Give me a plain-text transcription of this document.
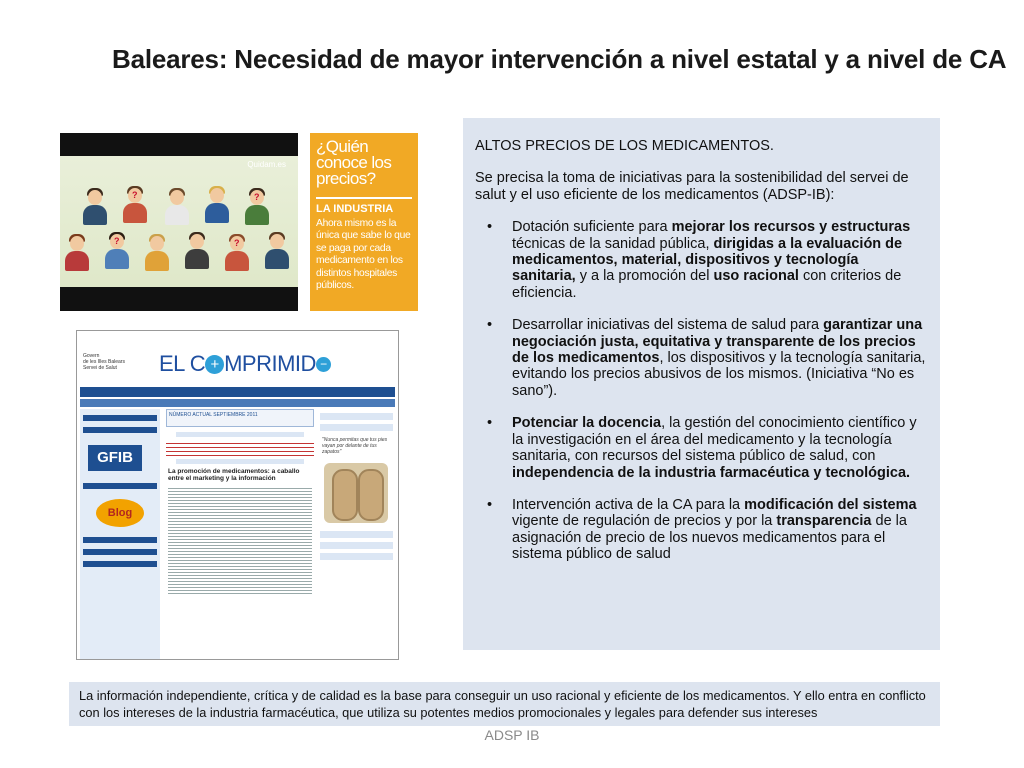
Baleares: Necesidad de mayor intervención a nivel estatal y a nivel de CA
Quidam.es
?	?
?	?
¿Quién conoce los precios?
LA INDUSTRIA
Ahora mismo es la única que sabe lo que se paga por cada medicamento en los distintos hospitales públicos.
Govern
de les Illes Balears
Servei de Salut	EL C + MPRIMID −
GFIB
Blog
NÚMERO ACTUAL SEPTIEMBRE 2011
La promoción de medicamentos: a caballo entre el marketing y la información
"Nunca permitas que tus pies vayan por delante de tus zapatos"

ALTOS PRECIOS DE LOS MEDICAMENTOS.

Se precisa la toma de iniciativas para la sostenibilidad del servei de salut y el uso eficiente de los medicamentos (ADSP-IB):

• Dotación suficiente para mejorar los recursos y estructuras técnicas de la sanidad pública, dirigidas a la evaluación de medicamentos, material, dispositivos y tecnología sanitaria, y a la promoción del uso racional con criterios de eficiencia.
• Desarrollar iniciativas del sistema de salud para garantizar una negociación justa, equitativa y transparente de los precios de los medicamentos, los dispositivos y la tecnología sanitaria, evitando los precios abusivos de los mismos. (Iniciativa “No es sano”).
• Potenciar la docencia, la gestión del conocimiento científico y la investigación en el área del medicamento y la tecnología sanitaria, con recursos del sistema público de salud, con independencia de la industria farmacéutica y tecnológica.
• Intervención activa de la CA para la modificación del sistema vigente de regulación de precios y por la transparencia de la asignación de precio de los nuevos medicamentos para el sistema público de salud
La información independiente, crítica y de calidad es la base para conseguir un uso racional y eficiente de los medicamentos. Y ello entra en conflicto con los intereses de la industria farmacéutica, que utiliza su potentes medios promocionales y legales para defender sus intereses
ADSP IB
